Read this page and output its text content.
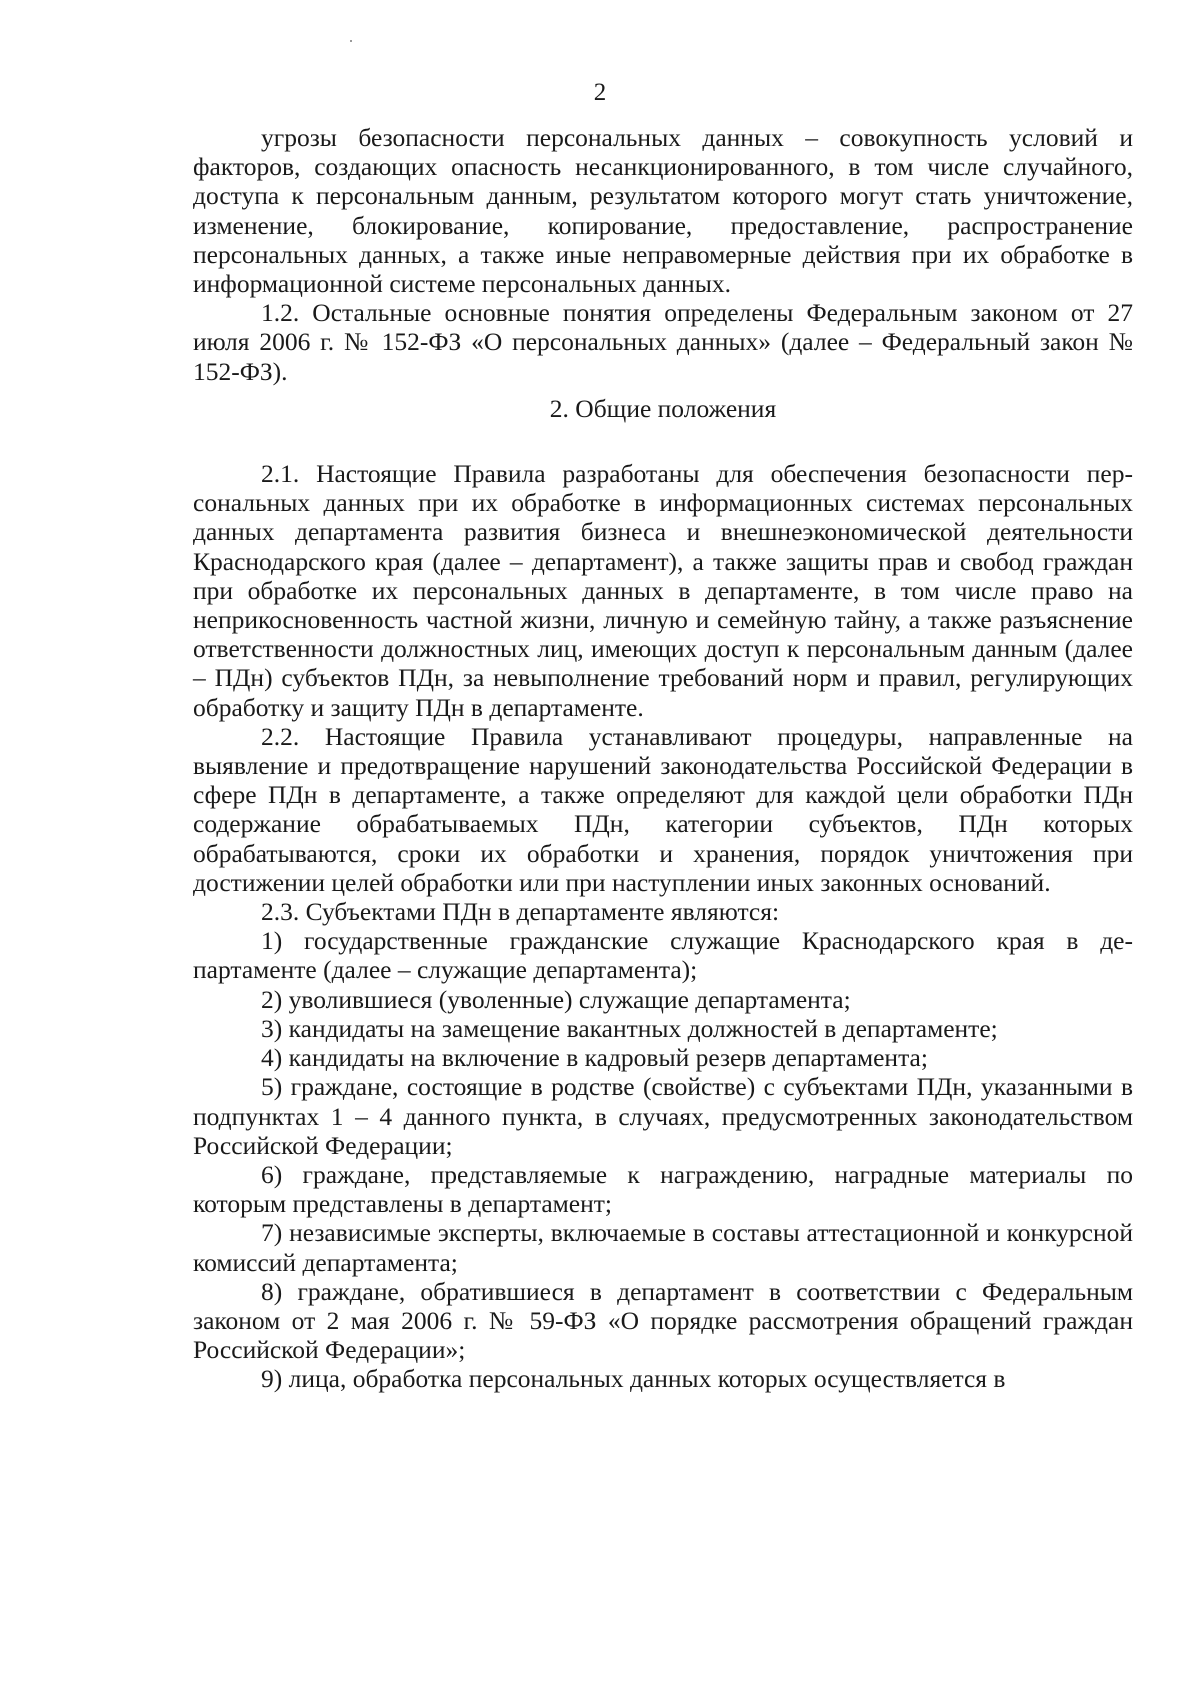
2

угрозы безопасности персональных данных – совокупность условий и факторов, создающих опасность несанкционированного, в том числе случайного, доступа к персональным данным, результатом которого могут стать уничтожение, изменение, блокирование, копирование, предоставление, распространение персональных данных, а также иные неправомерные действия при их обработке в информационной системе персональных данных.

1.2. Остальные основные понятия определены Федеральным законом от 27 июля 2006 г. № 152-ФЗ «О персональных данных» (далее – Федеральный закон № 152-ФЗ).

2. Общие положения

2.1. Настоящие Правила разработаны для обеспечения безопасности персональных данных при их обработке в информационных системах персональных данных департамента развития бизнеса и внешнеэкономической деятельности Краснодарского края (далее – департамент), а также защиты прав и свобод граждан при обработке их персональных данных в департаменте, в том числе право на неприкосновенность частной жизни, личную и семейную тайну, а также разъяснение ответственности должностных лиц, имеющих доступ к персональным данным (далее – ПДн) субъектов ПДн, за невыполнение требований норм и правил, регулирующих обработку и защиту ПДн в департаменте.

2.2. Настоящие Правила устанавливают процедуры, направленные на выявление и предотвращение нарушений законодательства Российской Федерации в сфере ПДн в департаменте, а также определяют для каждой цели обработки ПДн содержание обрабатываемых ПДн, категории субъектов, ПДн которых обрабатываются, сроки их обработки и хранения, порядок уничтожения при достижении целей обработки или при наступлении иных законных оснований.

2.3. Субъектами ПДн в департаменте являются:

1) государственные гражданские служащие Краснодарского края в департаменте (далее – служащие департамента);

2) уволившиеся (уволенные) служащие департамента;

3) кандидаты на замещение вакантных должностей в департаменте;

4) кандидаты на включение в кадровый резерв департамента;

5) граждане, состоящие в родстве (свойстве) с субъектами ПДн, указанными в подпунктах 1 – 4 данного пункта, в случаях, предусмотренных законодательством Российской Федерации;

6) граждане, представляемые к награждению, наградные материалы по которым представлены в департамент;

7) независимые эксперты, включаемые в составы аттестационной и конкурсной комиссий департамента;

8) граждане, обратившиеся в департамент в соответствии с Федеральным законом от 2 мая 2006 г. № 59-ФЗ «О порядке рассмотрения обращений граждан Российской Федерации»;

9) лица, обработка персональных данных которых осуществляется в
